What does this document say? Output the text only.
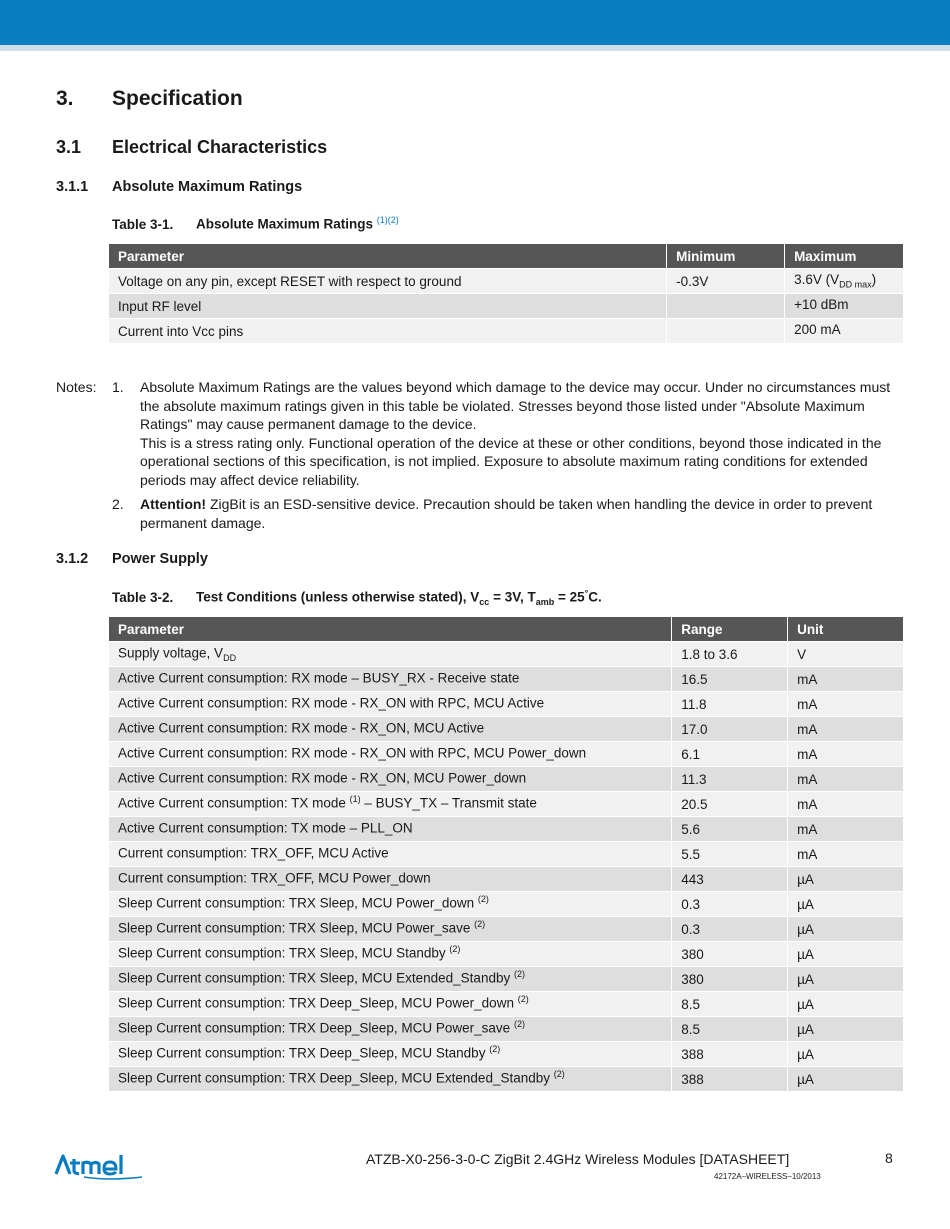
3. Specification
3.1 Electrical Characteristics
3.1.1 Absolute Maximum Ratings
Table 3-1. Absolute Maximum Ratings $^{(1)(2)}$
Parameter	Minimum	Maximum
Voltage on any pin, except RESET with respect to ground	-0.3V	3.6V $(V_{DD max})$
Input RF level		+10 dBm
Current into Vcc pins		200 mA
Notes: 1. Absolute Maximum Ratings are the values beyond which damage to the device may occur. Under no circumstances must the absolute maximum ratings given in this table be violated. Stresses beyond those listed under "Absolute Maximum Ratings" may cause permanent damage to the device.
This is a stress rating only. Functional operation of the device at these or other conditions, beyond those indicated in the operational sections of this specification, is not implied. Exposure to absolute maximum rating conditions for extended periods may affect device reliability.
2. Attention! ZigBit is an ESD-sensitive device. Precaution should be taken when handling the device in order to prevent permanent damage.
3.1.2 Power Supply
Table 3-2. Test Conditions (unless otherwise stated), $V_{cc} = 3V$, $T_{amb} = 25^\circ C$.
Parameter	Range	Unit
Supply voltage, $V_{DD}$	1.8 to 3.6	V
Active Current consumption: RX mode – BUSY_RX - Receive state	16.5	mA
Active Current consumption: RX mode - RX_ON with RPC, MCU Active	11.8	mA
Active Current consumption: RX mode - RX_ON, MCU Active	17.0	mA
Active Current consumption: RX mode - RX_ON with RPC, MCU Power_down	6.1	mA
Active Current consumption: RX mode - RX_ON, MCU Power_down	11.3	mA
Active Current consumption: TX mode $^{(1)}$ – BUSY_TX – Transmit state	20.5	mA
Active Current consumption: TX mode – PLL_ON	5.6	mA
Current consumption: TRX_OFF, MCU Active	5.5	mA
Current consumption: TRX_OFF, MCU Power_down	443	µA
Sleep Current consumption: TRX Sleep, MCU Power_down $^{(2)}$	0.3	µA
Sleep Current consumption: TRX Sleep, MCU Power_save $^{(2)}$	0.3	µA
Sleep Current consumption: TRX Sleep, MCU Standby $^{(2)}$	380	µA
Sleep Current consumption: TRX Sleep, MCU Extended_Standby $^{(2)}$	380	µA
Sleep Current consumption: TRX Deep_Sleep, MCU Power_down $^{(2)}$	8.5	µA
Sleep Current consumption: TRX Deep_Sleep, MCU Power_save $^{(2)}$	8.5	µA
Sleep Current consumption: TRX Deep_Sleep, MCU Standby $^{(2)}$	388	µA
Sleep Current consumption: TRX Deep_Sleep, MCU Extended_Standby $^{(2)}$	388	µA
ATZB-X0-256-3-0-C ZigBit 2.4GHz Wireless Modules [DATASHEET]	8
42172A–WIRELESS–10/2013
